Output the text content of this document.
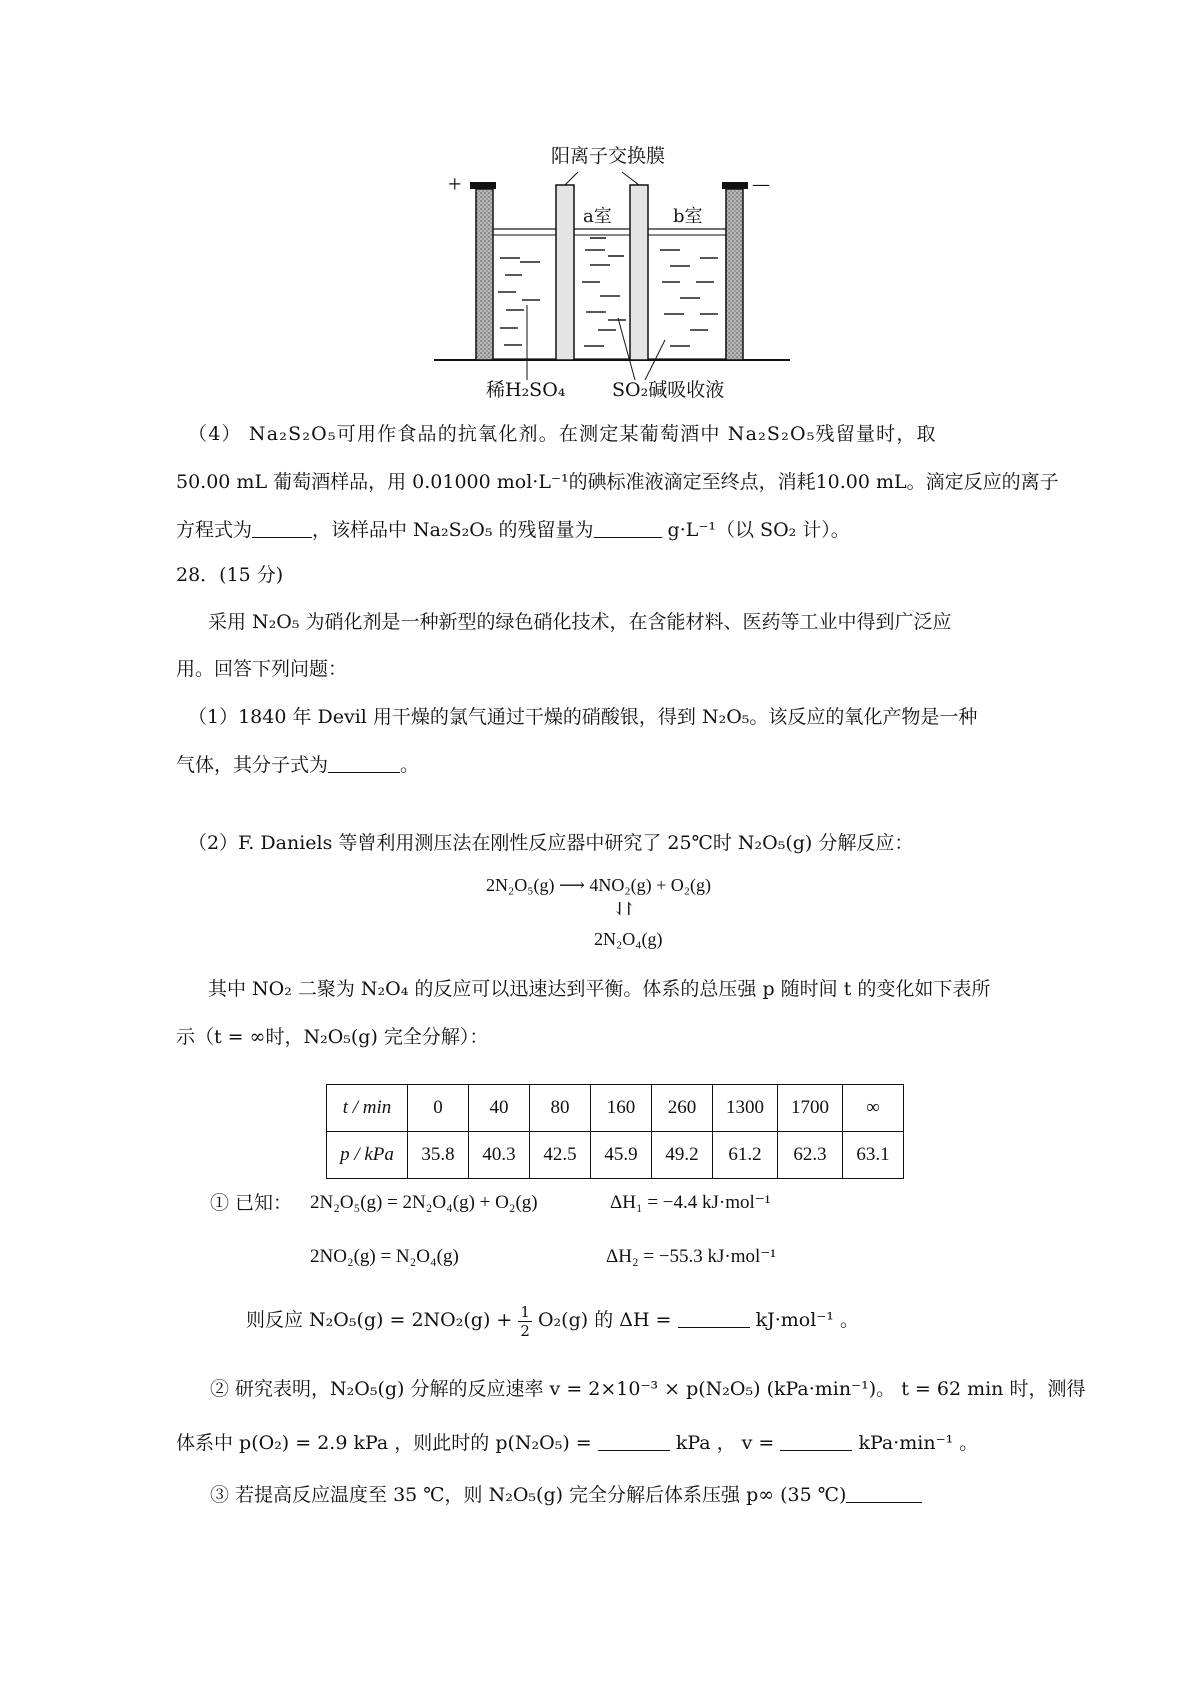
阳离子交换膜
+	—
a室	b室
稀H₂SO₄ SO₂碱吸收液
（4） Na₂S₂O₅可用作食品的抗氧化剂。在测定某葡萄酒中 Na₂S₂O₅残留量时，取
50.00 mL 葡萄酒样品，用 0.01000 mol·L⁻¹的碘标准液滴定至终点，消耗10.00 mL。滴定反应的离子
方程式为	，该样品中 Na₂S₂O₅ 的残留量为	g·L⁻¹（以 SO₂ 计）。
28．(15 分)
采用 N₂O₅ 为硝化剂是一种新型的绿色硝化技术，在含能材料、医药等工业中得到广泛应
用。回答下列问题：
（1）1840 年 Devil 用干燥的氯气通过干燥的硝酸银，得到 N₂O₅。该反应的氧化产物是一种
气体，其分子式为	。
（2）F. Daniels 等曾利用测压法在刚性反应器中研究了 25℃时 N₂O₅(g) 分解反应：
2N₂O₅(g) ⟶ 4NO₂(g) + O₂(g)
⇃↾
2N₂O₄(g)
其中 NO₂ 二聚为 N₂O₄ 的反应可以迅速达到平衡。体系的总压强 p 随时间 t 的变化如下表所
示（t = ∞时，N₂O₅(g) 完全分解）：
t / min	0	40	80	160	260	1300	1700	∞
p / kPa	35.8	40.3	42.5	45.9	49.2	61.2	62.3	63.1
① 已知： 2N₂O₅(g) = 2N₂O₄(g) + O₂(g)	ΔH₁ = −4.4 kJ·mol⁻¹
2NO₂(g) = N₂O₄(g)	ΔH₂ = −55.3 kJ·mol⁻¹
则反应 $N_2O_5(g) = 2NO_2(g) + \frac{1}{2} O_2(g)$ 的 ΔH =	kJ·mol⁻¹ 。
② 研究表明，N₂O₅(g) 分解的反应速率 v = 2×10⁻³ × p(N₂O₅) (kPa·min⁻¹)。 t = 62 min 时，测得
体系中 p(O₂) = 2.9 kPa ，则此时的 p(N₂O₅) =	kPa ， v =	kPa·min⁻¹ 。
③ 若提高反应温度至 35 ℃，则 N₂O₅(g) 完全分解后体系压强 p∞ (35 ℃)
